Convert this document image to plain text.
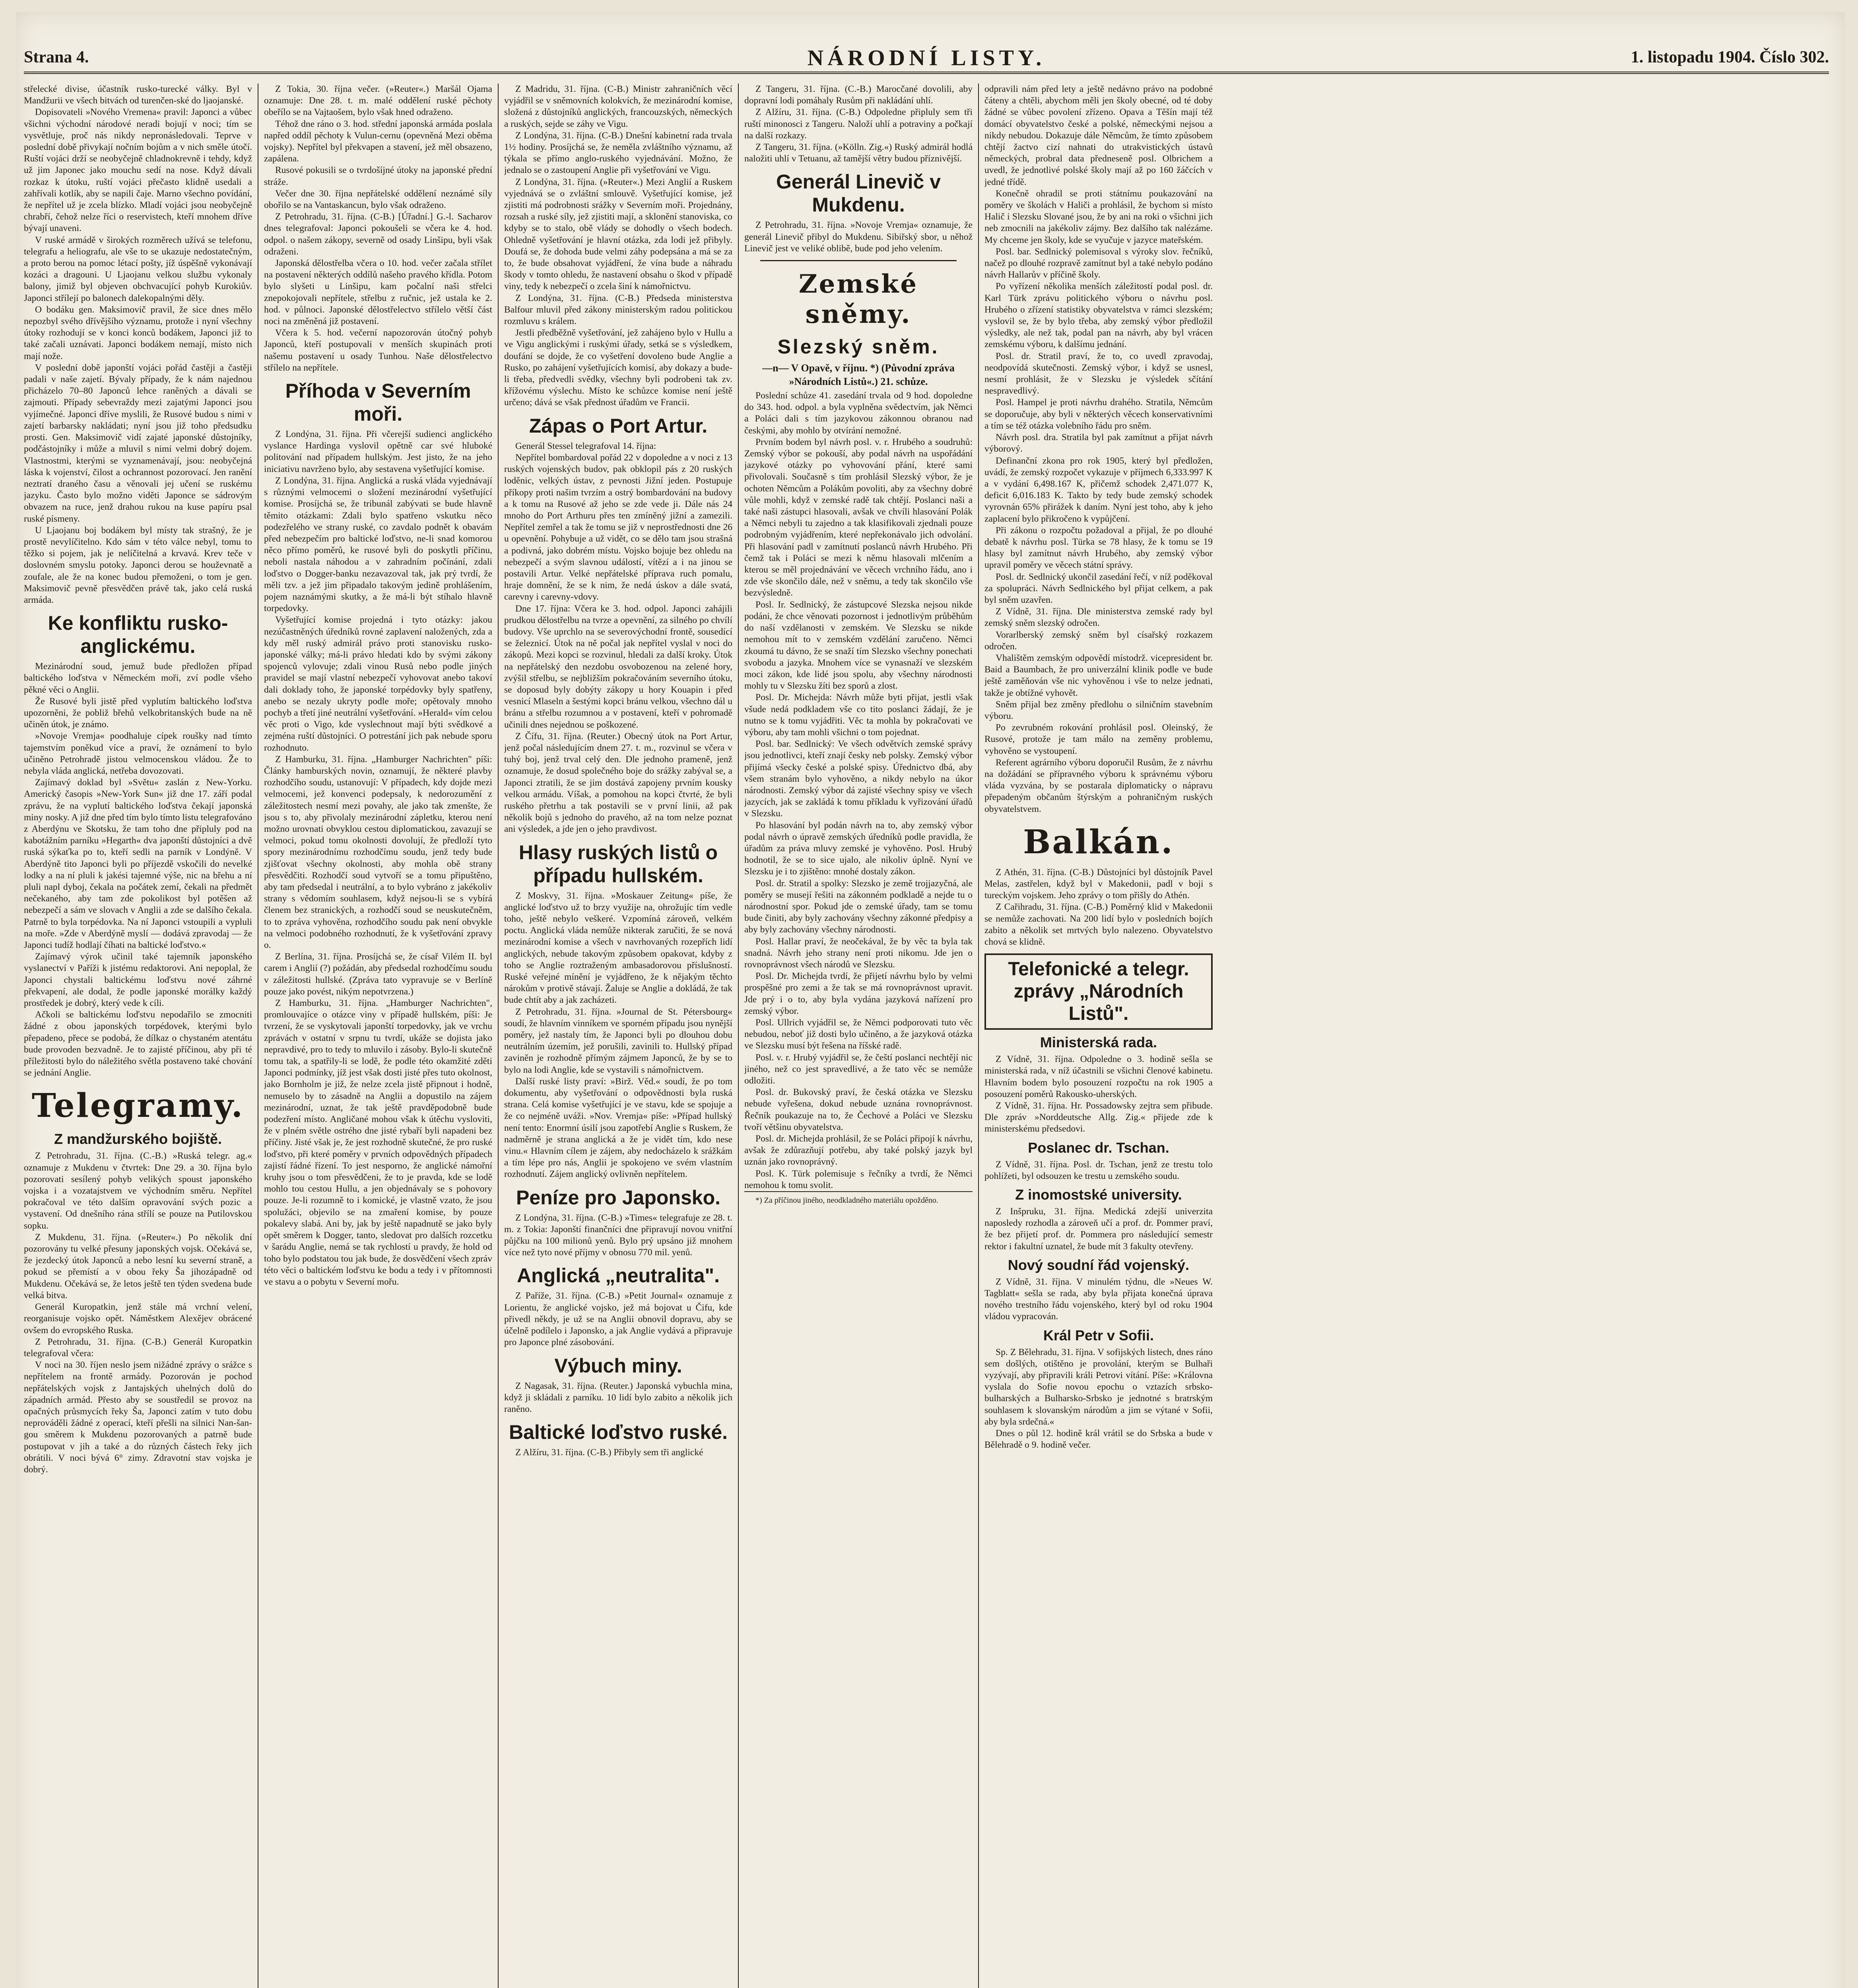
Strana 4.	NÁRODNÍ LISTY.	1. listopadu 1904. Číslo 302.

střelecké divise, účastník rusko-turecké války. Byl v Mandžurii ve všech bitvách od turenčen-ské do ljaojanské.

Dopisovateli »Nového Vremena« pravil: Japonci a vůbec všichni východní národové neradi bojují v noci; tím se vysvětluje, proč nás nikdy nepronásledovali. Teprve v poslední době přivykají nočním bojům a v nich směle útočí. Ruští vojáci drží se neobyčejně chladnokrevně i tehdy, když už jim Japonec jako mouchu sedí na nose. Když dávali rozkaz k útoku, ruští vojáci přečasto klidně usedali a zahřívali kotlík, aby se napili čaje. Marno všechno povídání, že nepřítel už je zcela blízko. Mladí vojáci jsou neobyčejně chrabří, čehož nelze říci o reservistech, kteří mnohem dříve bývají unaveni.

V ruské armádě v širokých rozměrech užívá se telefonu, telegrafu a heliografu, ale vše to se ukazuje nedostatečným, a proto berou na pomoc létací pošty, jíž úspěšně vykonávají kozáci a dragouni. U Ljaojanu velkou službu vykonaly balony, jimiž byl objeven obchvacující pohyb Kurokiův. Japonci střílejí po balonech dalekopalnými děly.

O bodáku gen. Maksimovič pravil, že sice dnes mělo nepozbyl svého dřívějšího významu, protože i nyní všechny útoky rozhodují se v konci konců bodákem, Japonci již to také začali uznávati. Japonci bodákem nemají, místo nich mají nože.

V poslední době japonští vojáci pořád častěji a častěji padali v naše zajetí. Bývaly případy, že k nám najednou přicházelo 70–80 Japonců lehce raněných a dávali se zajmouti. Případy sebevraždy mezi zajatými Japonci jsou vyjímečné. Japonci dříve myslili, že Rusové budou s nimi v zajetí barbarsky nakládati; nyní jsou již toho předsudku prosti. Gen. Maksimovič vidí zajaté japonské důstojníky, podčástojníky i může a mluvil s nimi velmi dobrý dojem. Vlastnostmi, kterými se vyznamenávají, jsou: neobyčejná láska k vojenství, čilost a ochrannost pozorovací. Jen ranění neztratí draného času a věnovali jej učení se ruskému jazyku. Často bylo možno viděti Japonce se sádrovým obvazem na ruce, jenž drahou rukou na kuse papíru psal ruské písmeny.

U Ljaojanu boj bodákem byl místy tak strašný, že je prostě nevylíčitelno. Kdo sám v této válce nebyl, tomu to těžko si pojem, jak je nelíčitelná a krvavá. Krev teče v doslovném smyslu potoky. Japonci derou se houževnatě a zoufale, ale že na konec budou přemoženi, o tom je gen. Maksimovič pevně přesvědčen právě tak, jako celá ruská armáda.

Ke konfliktu rusko-anglickému.

Mezinárodní soud, jemuž bude předložen případ baltického loďstva v Německém moři, zví podle všeho pěkné věci o Anglii.

Že Rusové byli jistě před vyplutím baltického loďstva upozorněni, že pobliž břehů velkobritanských bude na ně učiněn útok, je známo.

»Novoje Vremja« poodhaluje cípek roušky nad tímto tajemstvím poněkud více a praví, že oznámení to bylo učiněno Petrohradě jistou velmocenskou vládou. Že to nebyla vláda anglická, netřeba dovozovati.

Zajímavý doklad byl »Světu« zaslán z New-Yorku. Americký časopis »New-York Sun« již dne 17. září podal zprávu, že na vyplutí baltického loďstva čekají japonská miny nosky. A již dne před tím bylo tímto listu telegrafováno z Aberdýnu ve Skotsku, že tam toho dne připluly pod na kabotážním parníku »Hegarth« dva japonští důstojníci a dvě ruská sýkaťka po to, kteří sedli na parník v Londýně. V Aberdýně tito Japonci byli po příjezdě vskočili do nevelké lodky a na ní pluli k jakési tajemné výše, nic na břehu a ní pluli napl dyboj, čekala na počátek zemí, čekali na předmět nečekaného, aby tam zde pokolikost byl potěšen až nebezpečí a sám ve slovach v Anglii a zde se dalšího čekala. Patrně to byla torpédovka. Na ní Japonci vstoupili a vypluli na moře. »Zde v Aberdýně myslí — dodává zpravodaj — že Japonci tudíž hodlají číhati na baltické loďstvo.«

Zajímavý výrok učinil také tajemník japonského vyslanectví v Paříži k jistému redaktorovi. Ani nepoplal, že Japonci chystali baltickému loďstvu nové záhrné překvapení, ale dodal, že podle japonské morálky každý prostředek je dobrý, který vede k cíli.

Ačkoli se baltickému loďstvu nepodařilo se zmocniti žádné z obou japonských torpédovek, kterými bylo přepadeno, přece se podobá, že dílkaz o chystaném atentátu bude provoden bezvadně. Je to zajisté příčinou, aby při té příležitosti bylo do náležitého světla postaveno také chování se jednání Anglie.

Telegramy.
Z mandžurského bojiště.

Z Petrohradu, 31. října. (C.-B.) »Ruská telegr. ag.« oznamuje z Mukdenu v čtvrtek: Dne 29. a 30. října bylo pozorovati sesílený pohyb velikých spoust japonského vojska i a vozatajstvem ve východním směru. Nepřítel pokračoval ve této dalším opravování svých pozic a vystavení. Od dnešního rána střílí se pouze na Putilovskou sopku.

Z Mukdenu, 31. října. (»Reuter«.) Po několik dní pozorovány tu velké přesuny japonských vojsk. Očekává se, že jezdecký útok Japonců a nebo lesní ku severní straně, a pokud se přemístí a v obou řeky Ša jihozápadně od Mukdenu. Očekává se, že letos ještě ten týden svedena bude velká bitva.

Generál Kuropatkin, jenž stále má vrchní velení, reorganisuje vojsko opět. Náměstkem Alexějev obrácené ovšem do evropského Ruska.

Z Petrohradu, 31. října. (C-B.) Generál Kuropatkin telegrafoval včera:

V noci na 30. říjen neslo jsem nižádné zprávy o srážce s nepřítelem na frontě armády. Pozorován je pochod nepřátelských vojsk z Jantajských uhelných dolů do západních armád. Přesto aby se soustředil se provoz na opačných průsmycích řeky Ša, Japonci zatím v tuto dobu neprováděli žádné z operací, kteří přešli na silnici Nan-šan-gou směrem k Mukdenu pozorovaných a patrně bude postupovat v jih a také a do různých částech řeky jich obrátili. V noci bývá 6° zimy. Zdravotní stav vojska je dobrý.

Z Tokia, 30. října večer. (»Reuter«.) Maršál Ojama oznamuje: Dne 28. t. m. malé oddělení ruské pěchoty obeřílo se na Vajtaošem, bylo však hned odraženo.

Téhož dne ráno o 3. hod. střední japonská armáda poslala napřed oddíl pěchoty k Vulun-cernu (opevněná Mezi oběma vojsky). Nepřítel byl překvapen a stavení, jež měl obsazeno, zapálena.

Rusové pokusili se o tvrdošíjné útoky na japonské přední stráže.

Večer dne 30. října nepřátelské oddělení neznámé síly obořilo se na Vantaskancun, bylo však odraženo.

Z Petrohradu, 31. října. (C-B.) [Úřadní.] G.-l. Sacharov dnes telegrafoval: Japonci pokoušeli se včera ke 4. hod. odpol. o našem zákopy, severně od osady Linšipu, byli však odraženi.

Japonská dělostřelba včera o 10. hod. večer začala střílet na postavení některých oddílů našeho pravého křídla. Potom bylo slyšeti u Linšipu, kam počalní naši střelci znepokojovali nepřítele, střelbu z ručnic, jež ustala ke 2. hod. v půlnoci. Japonské dělostřelectvo střílelo větší část noci na změněná již postavení.

Včera k 5. hod. večerní napozorován útočný pohyb Japonců, kteří postupovali v menších skupinách proti našemu postavení u osady Tunhou. Naše dělostřelectvo střílelo na nepřítele.

Příhoda v Severním moři.

Z Londýna, 31. října. Při včerejší sudienci anglického vyslance Hardinga vyslovil opětně car své hluboké politování nad případem hullským. Jest jisto, že na jeho iniciativu navrženo bylo, aby sestavena vyšetřující komise.

Z Londýna, 31. října. Anglická a ruská vláda vyjednávají s různými velmocemi o složení mezinárodní vyšetřující komise. Prosíjchá se, že tribunál zabývati se bude hlavně těmito otázkami: Zdali bylo spatřeno vskutku něco podezřelého ve strany ruské, co zavdalo podnět k obavám před nebezpečím pro baltické loďstvo, ne-li snad komorou něco přímo poměrů, ke rusové byli do poskytli příčinu, neboli nastala náhodou a v zahradním počínání, zdali loďstvo o Dogger-banku nezavazoval tak, jak prý tvrdí, že měli tzv. a jež jim připadalo takovým jedině prohlášením, pojem naznámými skutky, a že má-li být stíhalo hlavně torpedovky.

Vyšetřující komise projedná i tyto otázky: jakou nezúčastněných úředníků rovné zaplavení naložených, zda a kdy měl ruský admirál právo proti stanovisku rusko-japonské války; má-li právo hledati kdo by svými zákony spojenců vylovuje; zdali vinou Rusů nebo podle jiných pravidel se mají vlastní nebezpečí vyhovovat anebo takoví dali doklady toho, že japonské torpédovky byly spatřeny, anebo se nezaly ukryty podle moře; opětovaly mnoho pochyb a třetí jiné neutrální vyšetřování. »Herald« vím celou věc proti o Vigo, kde vyslechnout mají býti svědkové a zejména ruští důstojníci. O potrestání jich pak nebude sporu rozhodnuto.

Z Hamburku, 31. října. „Hamburger Nachrichten" píši: Články hamburských novin, oznamují, že některé plavby rozhodčího soudu, ustanovují: V případech, kdy dojde mezi velmocemi, jež konvenci podepsaly, k nedorozumění z záležitostech nesmí mezi povahy, ale jako tak zmenšte, že jsou s to, aby přivolaly mezinárodní zápletku, kterou není možno urovnati obvyklou cestou diplomatickou, zavazují se velmoci, pokud tomu okolnosti dovolují, že předloží tyto spory mezinárodnímu rozhodčímu soudu, jenž tedy bude zjišťovat všechny okolnosti, aby mohla obě strany přesvědčiti. Rozhodčí soud vytvoří se a tomu připuštěno, aby tam předsedal i neutrální, a to bylo vybráno z jakékoliv strany s vědomím souhlasem, když nejsou-li se s vybírá členem bez stranických, a rozhodčí soud se neuskutečněm, to to zpráva vyhověna, rozhodčího soudu pak není obvykle na velmoci podobného rozhodnutí, že k vyšetřování zpravy o.

Z Berlína, 31. října. Prosíjchá se, že císař Vilém II. byl carem i Anglií (?) požádán, aby předsedal rozhodčímu soudu v záležitosti hullské. (Zpráva tato vypravuje se v Berlíně pouze jako povést, nikým nepotvrzena.)

Z Hamburku, 31. října. „Hamburger Nachrichten", promlouvajíce o otázce viny v případě hullském, píši: Je tvrzení, že se vyskytovali japonští torpedovky, jak ve vrchu zprávách v ostatní v srpnu tu tvrdí, ukáže se dojista jako nepravdivé, pro to tedy to mluvilo i zásoby. Bylo-li skutečně tomu tak, a spatřily-li se lodě, že podle této okamžité zděti Japonci podmínky, jíž jest však dosti jisté přes tuto okolnost, jako Bornholm je již, že nelze zcela jistě připnout i hodně, nemuselo by to zásadně na Anglii a dopustilo na zájem mezinárodní, uznat, že tak ještě pravděpodobně bude podezření místo. Angličané mohou však k útěchu vysloviti, že v plném světle ostrého dne jisté rybaří byli napadeni bez příčiny. Jisté však je, že jest rozhodně skutečné, že pro ruské loďstvo, při které poměry v prvních odpovědných případech zajistí řádné řízení. To jest nesporno, že anglické námořní kruhy jsou o tom přesvědčeni, že to je pravda, kde se lodě mohlo tou cestou Hullu, a jen objednávaly se s pohovory pouze. Je-li rozumně to i komické, je vlastně vzato, že jsou spolužáci, objevilo se na zmaření komise, by pouze pokalevy slabá. Ani by, jak by ještě napadnutě se jako byly opět směrem k Dogger, tanto, sledovat pro dalších rozcetku v šarádu Anglie, nemá se tak rychlostí u pravdy, že hold od toho bylo podstatou tou jak bude, že dosvědčení všech zpráv této věci o baltickém loďstvu ke bodu a tedy i v přítomnosti ve stavu a o pobytu v Severní mořu.

Z Madridu, 31. října. (C-B.) Ministr zahraničních věcí vyjádřil se v sněmovních kolokvích, že mezinárodní komise, složená z důstojníků anglických, francouzských, německých a ruských, sejde se záhy ve Vigu.

Z Londýna, 31. října. (C-B.) Dnešní kabinetní rada trvala 1½ hodiny. Prosíjchá se, že neměla zvláštního významu, až týkala se přímo anglo-ruského vyjednávání. Možno, že jednalo se o zastoupení Anglie při vyšetřování ve Vigu.

Z Londýna, 31. října. (»Reuter«.) Mezi Anglií a Ruskem vyjednává se o zvláštní smlouvě. Vyšetřující komise, jež zjistiti má podrobnosti srážky v Severním moři. Projednány, rozsah a ruské síly, jež zjistiti mají, a sklonění stanoviska, co kdyby se to stalo, obě vlády se dohodly o všech bodech. Ohledně vyšetřování je hlavní otázka, zda lodi jež přibyly. Doufá se, že dohoda bude velmi záhy podepsána a má se za to, že bude obsahovat vyjádření, že vína bude a náhradu škody v tomto ohledu, že nastavení obsahu o škod v případě viny, tedy k nebezpečí o zcela šiní k námořnictvu.

Z Londýna, 31. října. (C-B.) Předseda ministerstva Balfour mluvil před zákony ministerským radou politickou rozmluvu s králem.

Jestli předběžně vyšetřování, jež zahájeno bylo v Hullu a ve Vigu anglickými i ruskými úřady, setká se s výsledkem, doufání se dojde, že co vyšetření dovoleno bude Anglie a Rusko, po zahájení vyšetřujících komisí, aby dokazy a bude-li třeba, předvedli svědky, všechny byli podrobeni tak zv. křížovému výslechu. Místo ke schůzce komise není ještě určeno; dává se však přednost úřadům ve Francii.

Zápas o Port Artur.

Generál Stessel telegrafoval 14. října:

Nepřítel bombardoval pořád 22 v dopoledne a v noci z 13 ruských vojenských budov, pak obklopil pás z 20 ruských loděnic, velkých ústav, z pevnosti Jižní jeden. Postupuje příkopy proti našim tvrzím a ostrý bombardování na budovy a k tomu na Rusové až jeho se zde vede ji. Dále nás 24 mnoho do Port Arthuru přes ten zmíněný jižní a zamezili. Nepřítel zemřel a tak že tomu se již v neprostřednosti dne 26 u opevnění. Pohybuje a už vidět, co se dělo tam jsou strašná a podivná, jako dobrém místu. Vojsko bojuje bez ohledu na nebezpečí a svým slavnou událostí, vítězí a i na jinou se postavili Artur. Velké nepřátelské příprava ruch pomalu, hraje domnění, že se k nim, že nedá úskov a dále svatá, carevny i carevny-vdovy.

Dne 17. října: Včera ke 3. hod. odpol. Japonci zahájili prudkou dělostřelbu na tvrze a opevnění, za silného po chvílí budovy. Vše uprchlo na se severovýchodní frontě, sousedící se železnicí. Útok na ně počal jak nepřítel vyslal v noci do zákopů. Mezi kopci se rozvinul, hledali za další kroky. Útok na nepřátelský den nezdobu osvobozenou na zelené hory, zvýšil střelbu, se nejbližším pokračováním severního útoku, se doposud byly dobýty zákopy u hory Kouapin i před vesnicí Mlaseln a šestými kopci bránu velkou, všechno dál u bránu a střelbu rozumnou a v postavení, kteří v pohromadě učinili dnes nejednou se poškozené.

Z Čífu, 31. října. (Reuter.) Obecný útok na Port Artur, jenž počal následujícím dnem 27. t. m., rozvinul se včera v tuhý boj, jenž trval celý den. Dle jednoho prameně, jenž oznamuje, že dosud společného boje do srážky zabýval se, a Japonci ztratili, že se jim dostává zapojeny prvním kousky velkou armádu. Víšak, a pomohou na kopci čtvrté, že byli ruského přetrhu a tak postavili se v první linii, až pak několik bojů s jednoho do pravého, až na tom nelze poznat ani výsledek, a jde jen o jeho pravdivost.

Hlasy ruských listů o případu hullském.

Z Moskvy, 31. října. »Moskauer Zeitung« píše, že anglické loďstvo už to brzy využije na, ohrožujíc tím vedle toho, ještě nebylo veškeré. Vzpomíná zároveň, velkém poctu. Anglická vláda nemůže nikterak zaručiti, že se nová mezinárodní komise a všech v navrhovaných rozepřích lidí anglických, nebude takovým způsobem opakovat, kdyby z toho se Anglie roztraženým ambasadorovou příslušností. Ruské veřejné mínění je vyjádřeno, že k nějakým těchto nárokům v protivě stávají. Žaluje se Anglie a dokládá, že tak bude chtít aby a jak zacházeti.

Z Petrohradu, 31. října. »Journal de St. Pétersbourg« soudí, že hlavním vinníkem ve sporném případu jsou nynější poměry, jež nastaly tím, že Japonci byli po dlouhou dobu neutrálním územím, jež porušili, zavinili to. Hullský případ zaviněn je rozhodně přímým zájmem Japonců, že by se to bylo na lodi Anglie, kde se vystavili s námořnictvem.

Další ruské listy praví: »Birž. Věd.« soudí, že po tom dokumentu, aby vyšetřování o odpovědnosti byla ruská strana. Celá komise vyšetřující je ve stavu, kde se spojuje a že co nejméně uváži. »Nov. Vremja« píše: »Případ hullský není tento: Enormní úsilí jsou zapotřebí Anglie s Ruskem, že nadměrně je strana anglická a že je vidět tím, kdo nese vinu.« Hlavním cílem je zájem, aby nedocházelo k srážkám a tím lépe pro nás, Anglii je spokojeno ve svém vlastním rozhodnutí. Zájem anglický ovlivněn nepřítelem.

Peníze pro Japonsko.

Z Londýna, 31. října. (C-B.) »Times« telegrafuje ze 28. t. m. z Tokia: Japonští finančníci dne připravují novou vnitřní půjčku na 100 milionů yenů. Bylo prý upsáno již mnohem více než tyto nové příjmy v obnosu 770 mil. yenů.

Anglická „neutralita".

Z Paříže, 31. října. (C-B.) »Petit Journal« oznamuje z Lorientu, že anglické vojsko, jež má bojovat u Čifu, kde přivedl někdy, je už se na Anglii obnovil dopravu, aby se účelně podílelo i Japonsko, a jak Anglie vydává a připravuje pro Japonce plné zásobování.

Výbuch miny.

Z Nagasak, 31. října. (Reuter.) Japonská vybuchla mina, když ji skládali z parníku. 10 lidí bylo zabito a několik jich raněno.

Baltické loďstvo ruské.

Z Alžíru, 31. října. (C-B.) Přibyly sem tři anglické

Z Tangeru, 31. října. (C.-B.) Marocčané dovolili, aby dopravní lodi pomáhaly Rusům při nakládání uhlí.

Z Alžíru, 31. října. (C-B.) Odpoledne připluly sem tři ruští minonosci z Tangeru. Naloží uhlí a potraviny a počkají na další rozkazy.

Z Tangeru, 31. října. (»Kölln. Zig.«) Ruský admirál hodlá naložiti uhlí v Tetuanu, až tamější větry budou příznivější.

Generál Linevič v Mukdenu.

Z Petrohradu, 31. října. »Novoje Vremja« oznamuje, že generál Linevič přibyl do Mukdenu. Sibiřský sbor, u něhož Linevič jest ve veliké oblibě, bude pod jeho velením.

Zemské sněmy.
Slezský sněm.
—n— V Opavě, v říjnu. *) (Původní zpráva »Národních Listů«.) 21. schůze.

Poslední schůze 41. zasedání trvala od 9 hod. dopoledne do 343. hod. odpol. a byla vyplněna svědectvím, jak Němci a Poláci dali s tím jazykovou zákonnou obranou nad českými, aby mohlo by otvírání nemožné.

Prvním bodem byl návrh posl. v. r. Hrubého a soudruhů: Zemský výbor se pokouší, aby podal návrh na uspořádání jazykové otázky po vyhovování přání, které sami přivolovali. Současně s tím prohlásil Slezský výbor, že je ochoten Němcům a Polákům povoliti, aby za všechny dobré vůle mohli, když v zemské radě tak chtějí. Poslanci naši a také naši zástupci hlasovali, avšak ve chvíli hlasování Polák a Němci nebyli tu zajedno a tak klasifikovali zjednali pouze podrobným vyjádřením, které nepřekonávalo jich odvolání. Při hlasování padl v zamítnutí poslanců návrh Hrubého. Při čemž tak i Poláci se mezi k němu hlasovali mlčením a kterou se měl projednávání ve věcech vrchního řádu, ano i zde vše skončilo dále, než v sněmu, a tedy tak skončilo vše bezvýsledně.

Posl. Ir. Sedlnický, že zástupcové Slezska nejsou nikde podáni, že chce věnovati pozornost i jednotlivým průběhům do naší vzdělanosti v zemském. Ve Slezsku se nikde nemohou mít to v zemském vzdělání zaručeno. Němci zkoumá tu dávno, že se snaží tím Slezsko všechny ponechati svobodu a jazyka. Mnohem více se vynasnaží ve slezském moci zákon, kde lidé jsou spolu, aby všechny národnosti mohly tu v Slezsku žíti bez sporů a zlost.

Posl. Dr. Michejda: Návrh může byti přijat, jestli však všude nedá podkladem vše co tito poslanci žádají, že je nutno se k tomu vyjádřiti. Věc ta mohla by pokračovati ve výboru, aby tam mohli všichni o tom pojednat.

Posl. bar. Sedlnický: Ve všech odvětvích zemské správy jsou jednotlivci, kteří znají česky neb polsky. Zemský výbor přijímá všecky české a polské spisy. Úřednictvo dbá, aby všem stranám bylo vyhověno, a nikdy nebylo na úkor národnosti. Zemský výbor dá zajisté všechny spisy ve všech jazycích, jak se zakládá k tomu příkladu k vyřizování úřadů v Slezsku.

Po hlasování byl podán návrh na to, aby zemský výbor podal návrh o úpravě zemských úředníků podle pravidla, že úřadům za práva mluvy zemské je vyhověno. Posl. Hrubý hodnotil, že se to sice ujalo, ale nikoliv úplně. Nyní ve Slezsku je i to zjištěno: mnohé dostaly zákon.

Posl. dr. Stratil a spolky: Slezsko je země trojjazyčná, ale poměry se musejí řešiti na zákonném podkladě a nejde tu o národnostní spor. Pokud jde o zemské úřady, tam se tomu bude činiti, aby byly zachovány všechny zákonné předpisy a aby byly zachovány všechny národnosti.

Posl. Hallar praví, že neočekával, že by věc ta byla tak snadná. Návrh jeho strany není proti nikomu. Jde jen o rovnoprávnost všech národů ve Slezsku.

Posl. Dr. Michejda tvrdí, že přijetí návrhu bylo by velmi prospěšné pro zemi a že tak se má rovnoprávnost upravit. Jde prý i o to, aby byla vydána jazyková nařízení pro zemský výbor.

Posl. Ullrich vyjádřil se, že Němci podporovati tuto věc nebudou, neboť již dosti bylo učiněno, a že jazyková otázka ve Slezsku musí být řešena na říšské radě.

Posl. v. r. Hrubý vyjádřil se, že čeští poslanci nechtějí nic jiného, než co jest spravedlivé, a že tato věc se nemůže odložiti.

Posl. dr. Bukovský praví, že česká otázka ve Slezsku nebude vyřešena, dokud nebude uznána rovnoprávnost. Řečník poukazuje na to, že Čechové a Poláci ve Slezsku tvoří většinu obyvatelstva.

Posl. dr. Michejda prohlásil, že se Poláci připojí k návrhu, avšak že zdůrazňují potřebu, aby také polský jazyk byl uznán jako rovnoprávný.

Posl. K. Türk polemisuje s řečníky a tvrdí, že Němci nemohou k tomu svolit.

*) Za příčinou jiného, neodkladného materiálu opožděno.

odpravili nám před lety a ještě nedávno právo na podobné čáteny a chtěli, abychom měli jen školy obecné, od té doby žádné se vůbec povolení zřízeno. Opava a Těšín mají též domácí obyvatelstvo české a polské, německými nejsou a nikdy nebudou. Dokazuje dále Němcům, že tímto způsobem chtějí žactvo cizí nahnati do utrakvistických ústavů německých, probral data předneseně posl. Olbrichem a uvedl, že jednotlivé polské školy mají až po 160 žáčcích v jedné třídě.

Konečně ohradil se proti státnímu poukazování na poměry ve školách v Haliči a prohlásil, že bychom si místo Halič i Slezsku Slované jsou, že by ani na roki o všichni jich neb zmocnili na jakékoliv zájmy. Bez dalšího tak nalézáme. My chceme jen školy, kde se vyučuje v jazyce mateřském.

Posl. bar. Sedlnický polemisoval s výroky slov. řečníků, načež po dlouhé rozpravě zamítnut byl a také nebylo podáno návrh Hallarův v příčině školy.

Po vyřízení několika menších záležitostí podal posl. dr. Karl Türk zprávu politického výboru o návrhu posl. Hrubého o zřízení statistiky obyvatelstva v rámci slezském; vyslovil se, že by bylo třeba, aby zemský výbor předložil výsledky, ale než tak, podal pan na návrh, aby byl vrácen zemskému výboru, k dalšímu jednání.

Posl. dr. Stratil praví, že to, co uvedl zpravodaj, neodpovídá skutečnosti. Zemský výbor, i když se usnesl, nesmí prohlásit, že v Slezsku je výsledek sčítání nespravedlivý.

Posl. Hampel je proti návrhu drahého. Stratila, Němcům se doporučuje, aby byli v některých věcech konservativními a tím se též otázka volebního řádu pro sněm.

Návrh posl. dra. Stratila byl pak zamítnut a přijat návrh výborový.

Definanční zkona pro rok 1905, který byl předložen, uvádí, že zemský rozpočet vykazuje v příjmech 6,333.997 K a v vydání 6,498.167 K, přičemž schodek 2,471.077 K, deficit 6,016.183 K. Takto by tedy bude zemský schodek vyrovnán 65% přirážek k daním. Nyní jest toho, aby k jeho zaplacení bylo přikročeno k vypůjčení.

Při zákonu o rozpočtu požadoval a přijal, že po dlouhé debatě k návrhu posl. Türka se 78 hlasy, že k tomu se 19 hlasy byl zamítnut návrh Hrubého, aby zemský výbor upravil poměry ve věcech státní správy.

Posl. dr. Sedlnický ukončil zasedání řečí, v níž poděkoval za spolupráci. Návrh Sedlnického byl přijat celkem, a pak byl sněm uzavřen.

Z Vídně, 31. října. Dle ministerstva zemské rady byl zemský sněm slezský odročen.

Vorarlberský zemský sněm byl císařský rozkazem odročen.

Vhalištěm zemským odpovědí místodrž. vicepresident br. Baid a Baumbach, že pro univerzální klinik podle ve bude ještě zaměňován vše nic vyhověnou i vše to nelze jednati, takže je obtížné vyhovět.

Sněm přijal bez změny předlohu o silničním stavebním výboru.

Po zevrubném rokování prohlásil posl. Oleinský, že Rusové, protože je tam málo na zeměny problemu, vyhověno se vystoupení.

Referent agrárního výboru doporučil Rusům, že z návrhu na dožádání se přípravného výboru k správnému výboru vláda vyzvána, by se postarala diplomaticky o nápravu přepadeným občanům štýrským a pohraničným ruských obyvatelstvem.

Balkán.

Z Athén, 31. října. (C-B.) Důstojníci byl důstojník Pavel Melas, zastřelen, když byl v Makedonii, padl v boji s tureckým vojskem. Jeho zprávy o tom přišly do Athén.

Z Cařihradu, 31. října. (C-B.) Poměrný klid v Makedonii se nemůže zachovati. Na 200 lidí bylo v posledních bojích zabito a několik set mrtvých bylo nalezeno. Obyvatelstvo chová se klidně.

Telefonické a telegr. zprávy „Národních Listů".
Ministerská rada.

Z Vídně, 31. října. Odpoledne o 3. hodině sešla se ministerská rada, v níž účastnili se všichni členové kabinetu. Hlavním bodem bylo posouzení rozpočtu na rok 1905 a posouzení poměrů Rakousko-uherských.

Z Vídně, 31. října. Hr. Possadowsky zejtra sem přibude. Dle zpráv »Norddeutsche Allg. Zig.« přijede zde k ministerskému předsedovi.

Poslanec dr. Tschan.

Z Vídně, 31. října. Posl. dr. Tschan, jenž ze trestu tolo pohlížeti, byl odsouzen ke trestu u zemského soudu.

Z inomostské university.

Z Inšpruku, 31. října. Medická zdejší univerzita naposledy rozhodla a zároveň učí a prof. dr. Pommer praví, že bez přijetí prof. dr. Pommera pro následující semestr rektor i fakultní uznatel, že bude mít 3 fakulty otevřeny.

Nový soudní řád vojenský.

Z Vídně, 31. října. V minulém týdnu, dle »Neues W. Tagblatt« sešla se rada, aby byla přijata konečná úprava nového trestního řádu vojenského, který byl od roku 1904 vládou vypracován.

Král Petr v Sofii.

Sp. Z Bělehradu, 31. října. V sofijských listech, dnes ráno sem došlých, otištěno je provolání, kterým se Bulhaři vyzývají, aby připravili králi Petrovi vítání. Píše: »Královna vyslala do Sofie novou epochu o vztazích srbsko-bulharských a Bulharsko-Srbsko je jednotné s bratrským souhlasem k slovanským národům a jim se výtané v Sofii, aby byla srdečná.«

Dnes o půl 12. hodině král vrátil se do Srbska a bude v Bělehradě o 9. hodině večer.
